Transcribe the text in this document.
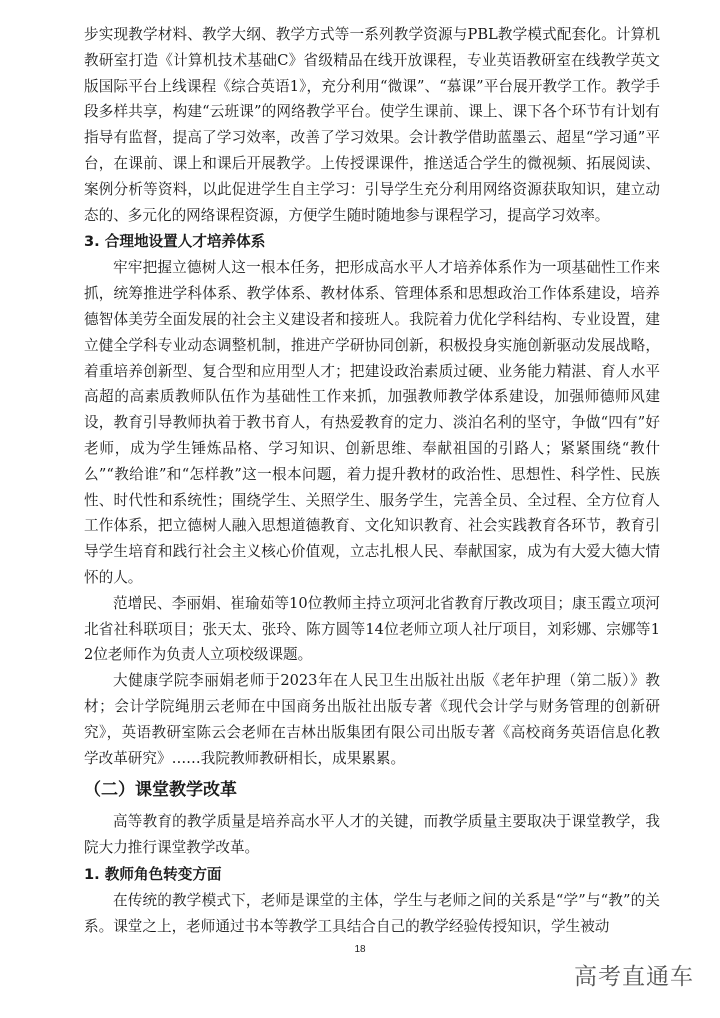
步实现教学材料、教学大纲、教学方式等一系列教学资源与PBL教学模式配套化。计算机教研室打造《计算机技术基础C》省级精品在线开放课程，专业英语教研室在线教学英文版国际平台上线课程《综合英语1》，充分利用“微课”、“慕课”平台展开教学工作。教学手段多样共享，构建“云班课”的网络教学平台。使学生课前、课上、课下各个环节有计划有指导有监督，提高了学习效率，改善了学习效果。会计教学借助蓝墨云、超星“学习通”平台，在课前、课上和课后开展教学。上传授课课件，推送适合学生的微视频、拓展阅读、案例分析等资料，以此促进学生自主学习：引导学生充分利用网络资源获取知识，建立动态的、多元化的网络课程资源，方便学生随时随地参与课程学习，提高学习效率。

3. 合理地设置人才培养体系

牢牢把握立德树人这一根本任务，把形成高水平人才培养体系作为一项基础性工作来抓，统筹推进学科体系、教学体系、教材体系、管理体系和思想政治工作体系建设，培养德智体美劳全面发展的社会主义建设者和接班人。我院着力优化学科结构、专业设置，建立健全学科专业动态调整机制，推进产学研协同创新，积极投身实施创新驱动发展战略，着重培养创新型、复合型和应用型人才；把建设政治素质过硬、业务能力精湛、育人水平高超的高素质教师队伍作为基础性工作来抓，加强教师教学体系建设，加强师德师风建设，教育引导教师执着于教书育人，有热爱教育的定力、淡泊名利的坚守，争做“四有”好老师，成为学生锤炼品格、学习知识、创新思维、奉献祖国的引路人；紧紧围绕“教什么”“教给谁”和“怎样教”这一根本问题，着力提升教材的政治性、思想性、科学性、民族性、时代性和系统性；围绕学生、关照学生、服务学生，完善全员、全过程、全方位育人工作体系，把立德树人融入思想道德教育、文化知识教育、社会实践教育各环节，教育引导学生培育和践行社会主义核心价值观，立志扎根人民、奉献国家，成为有大爱大德大情怀的人。

范增民、李丽娟、崔瑜茹等10位教师主持立项河北省教育厅教改项目；康玉霞立项河北省社科联项目；张天太、张玲、陈方圆等14位老师立项人社厅项目，刘彩娜、宗娜等12位老师作为负责人立项校级课题。

大健康学院李丽娟老师于2023年在人民卫生出版社出版《老年护理（第二版）》教材；会计学院绳朋云老师在中国商务出版社出版专著《现代会计学与财务管理的创新研究》，英语教研室陈云会老师在吉林出版集团有限公司出版专著《高校商务英语信息化教学改革研究》……我院教师教研相长，成果累累。

（二）课堂教学改革

高等教育的教学质量是培养高水平人才的关键，而教学质量主要取决于课堂教学，我院大力推行课堂教学改革。

1. 教师角色转变方面

在传统的教学模式下，老师是课堂的主体，学生与老师之间的关系是“学”与“教”的关系。课堂之上，老师通过书本等教学工具结合自己的教学经验传授知识，学生被动

18
高考直通车
